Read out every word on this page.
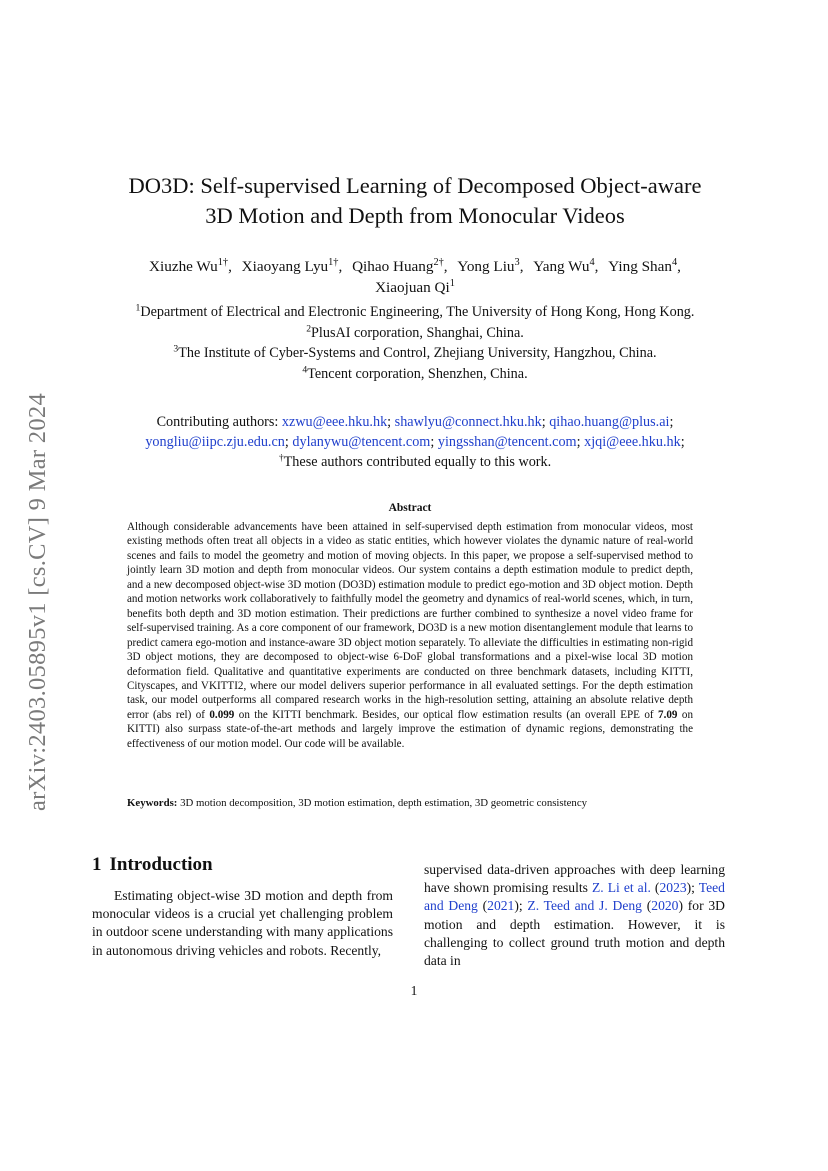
arXiv:2403.05895v1 [cs.CV] 9 Mar 2024
DO3D: Self-supervised Learning of Decomposed Object-aware
3D Motion and Depth from Monocular Videos
Xiuzhe $Wu^{1\dagger}$, Xiaoyang Lyu$^{1\dagger}$, Qihao Huang$^{2\dagger}$, Yong Liu$^3$, Yang Wu$^4$, Ying Shan$^4$,
Xiaojuan Qi$^1$
$^1$Department of Electrical and Electronic Engineering, The University of Hong Kong, Hong Kong.
$^2$PlusAI corporation, Shanghai, China.
$^3$The Institute of Cyber-Systems and Control, Zhejiang University, Hangzhou, China.
$^4$Tencent corporation, Shenzhen, China.
Contributing authors: xzwu@eee.hku.hk; shawlyu@connect.hku.hk; qihao.huang@plus.ai;
yongliu@iipc.zju.edu.cn; dylanywu@tencent.com; yingsshan@tencent.com; xjqi@eee.hku.hk;
†These authors contributed equally to this work.
Abstract

Although considerable advancements have been attained in self-supervised depth estimation from monocular videos, most existing methods often treat all objects in a video as static entities, which however violates the dynamic nature of real-world scenes and fails to model the geometry and motion of moving objects. In this paper, we propose a self-supervised method to jointly learn 3D motion and depth from monocular videos. Our system contains a depth estimation module to predict depth, and a new decomposed object-wise 3D motion (DO3D) estimation module to predict ego-motion and 3D object motion. Depth and motion networks work collaboratively to faithfully model the geometry and dynamics of real-world scenes, which, in turn, benefits both depth and 3D motion estimation. Their predictions are further combined to synthesize a novel video frame for self-supervised training. As a core component of our framework, DO3D is a new motion disentanglement module that learns to predict camera ego-motion and instance-aware 3D object motion separately. To alleviate the difficulties in estimating non-rigid 3D object motions, they are decomposed to object-wise 6-DoF global transformations and a pixel-wise local 3D motion deformation field. Qualitative and quantitative experiments are conducted on three benchmark datasets, including KITTI, Cityscapes, and VKITTI2, where our model delivers superior performance in all evaluated settings. For the depth estimation task, our model outperforms all compared research works in the high-resolution setting, attaining an absolute relative depth error (abs rel) of 0.099 on the KITTI benchmark. Besides, our optical flow estimation results (an overall EPE of 7.09 on KITTI) also surpass state-of-the-art methods and largely improve the estimation of dynamic regions, demonstrating the effectiveness of our motion model. Our code will be available.

Keywords: 3D motion decomposition, 3D motion estimation, depth estimation, 3D geometric consistency
1 Introduction

Estimating object-wise 3D motion and depth from monocular videos is a crucial yet challenging problem in outdoor scene understanding with many applications in autonomous driving vehicles and robots. Recently,

supervised data-driven approaches with deep learning have shown promising results Z. Li et al. (2023); Teed and Deng (2021); Z. Teed and J. Deng (2020) for 3D motion and depth estimation. However, it is challenging to collect ground truth motion and depth data in

1
